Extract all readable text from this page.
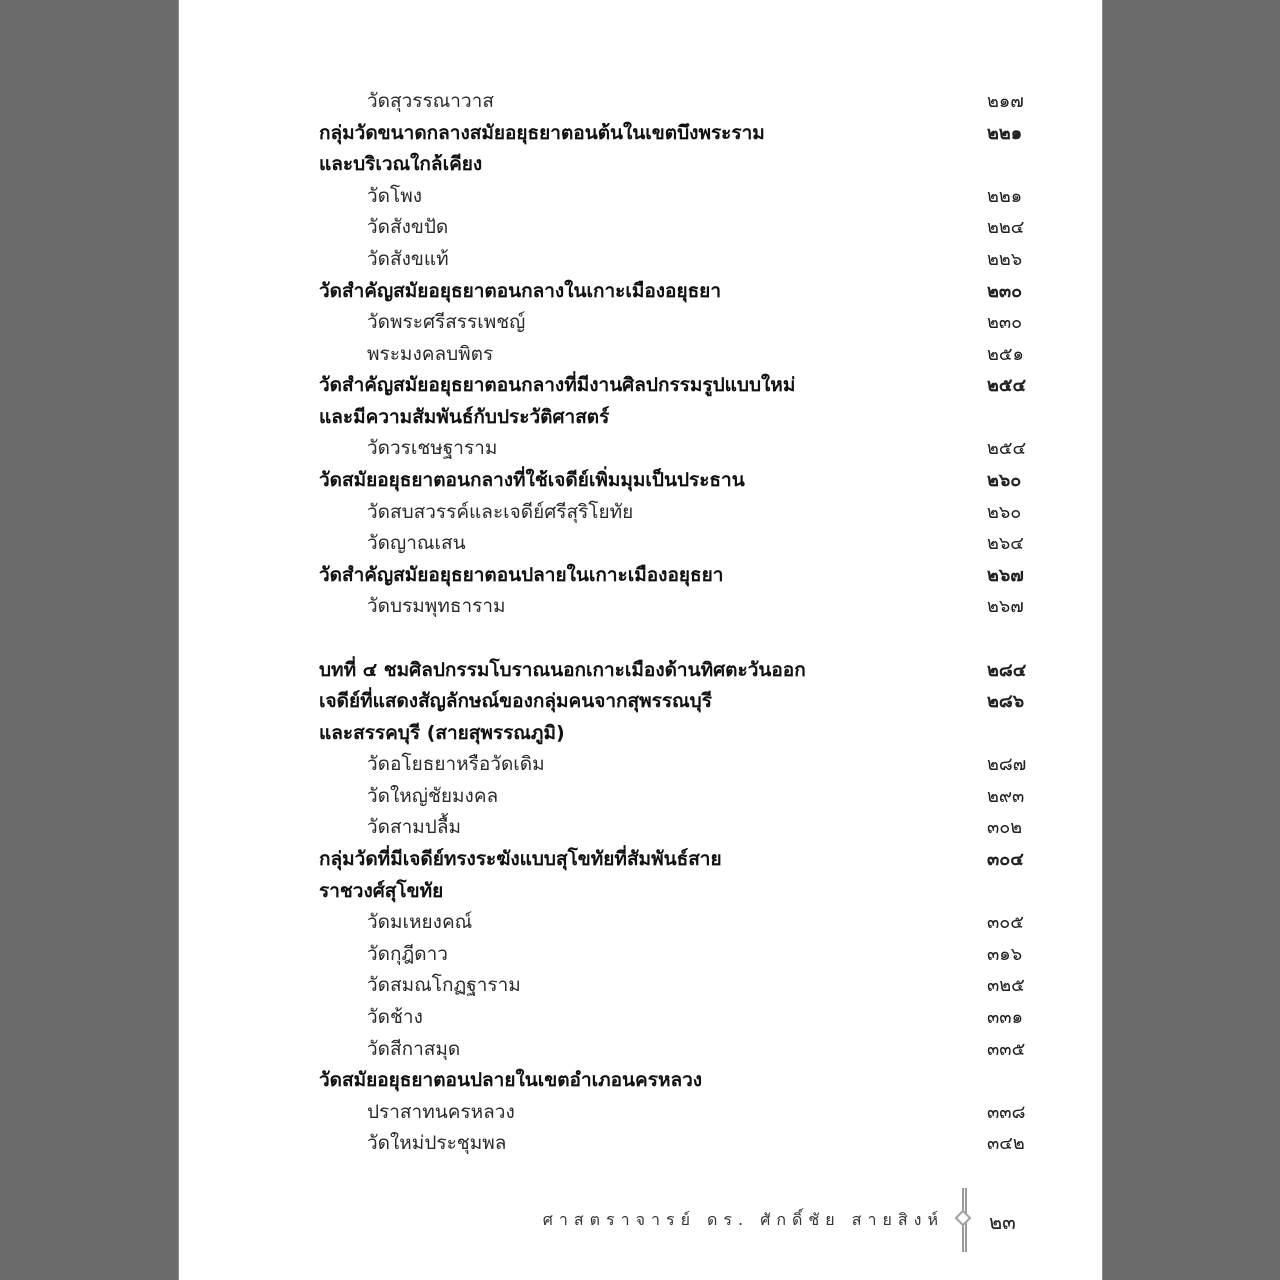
วัดสุวรรณาวาส	๒๑๗
กลุ่มวัดขนาดกลางสมัยอยุธยาตอนต้นในเขตบึงพระราม	๒๒๑
และบริเวณใกล้เคียง
วัดโพง	๒๒๑
วัดสังขปัด	๒๒๔
วัดสังขแท้	๒๒๖
วัดสำคัญสมัยอยุธยาตอนกลางในเกาะเมืองอยุธยา	๒๓๐
วัดพระศรีสรรเพชญ์	๒๓๐
พระมงคลบพิตร	๒๕๑
วัดสำคัญสมัยอยุธยาตอนกลางที่มีงานศิลปกรรมรูปแบบใหม่	๒๕๔
และมีความสัมพันธ์กับประวัติศาสตร์
วัดวรเชษฐาราม	๒๕๔
วัดสมัยอยุธยาตอนกลางที่ใช้เจดีย์เพิ่มมุมเป็นประธาน	๒๖๐
วัดสบสวรรค์และเจดีย์ศรีสุริโยทัย	๒๖๐
วัดญาณเสน	๒๖๔
วัดสำคัญสมัยอยุธยาตอนปลายในเกาะเมืองอยุธยา	๒๖๗
วัดบรมพุทธาราม	๒๖๗
บทที่ ๔ ชมศิลปกรรมโบราณนอกเกาะเมืองด้านทิศตะวันออก	๒๘๔
เจดีย์ที่แสดงสัญลักษณ์ของกลุ่มคนจากสุพรรณบุรี	๒๘๖
และสรรคบุรี (สายสุพรรณภูมิ)
วัดอโยธยาหรือวัดเดิม	๒๘๗
วัดใหญ่ชัยมงคล	๒๙๓
วัดสามปลื้ม	๓๐๒
กลุ่มวัดที่มีเจดีย์ทรงระฆังแบบสุโขทัยที่สัมพันธ์สาย	๓๐๔
ราชวงศ์สุโขทัย
วัดมเหยงคณ์	๓๐๕
วัดกุฎีดาว	๓๑๖
วัดสมณโกฏฐาราม	๓๒๕
วัดช้าง	๓๓๑
วัดสีกาสมุด	๓๓๕
วัดสมัยอยุธยาตอนปลายในเขตอำเภอนครหลวง
ปราสาทนครหลวง	๓๓๘
วัดใหม่ประชุมพล	๓๔๒
ศาสตราจารย์ ดร. ศักดิ์ชัย สายสิงห์ ๒๓
